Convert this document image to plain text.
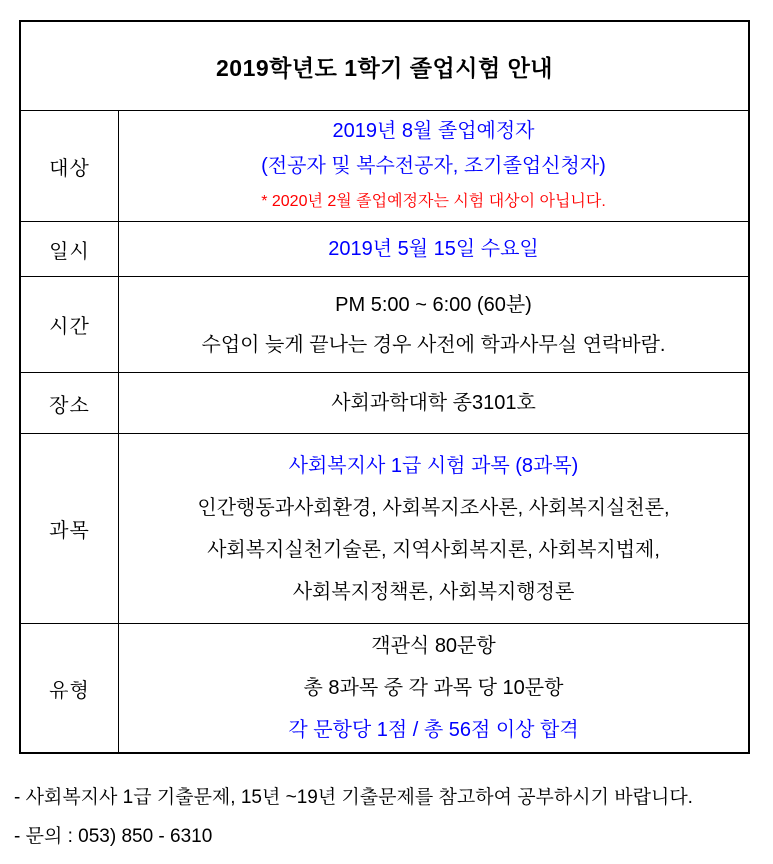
2019학년도 1학기 졸업시험 안내
대상
2019년 8월 졸업예정자
(전공자 및 복수전공자, 조기졸업신청자)
* 2020년 2월 졸업예정자는 시험 대상이 아닙니다.
일시	2019년 5월 15일 수요일
시간
PM 5:00 ~ 6:00 (60분)
수업이 늦게 끝나는 경우 사전에 학과사무실 연락바람.
장소	사회과학대학 종3101호
과목
사회복지사 1급 시험 과목 (8과목)
인간행동과사회환경, 사회복지조사론, 사회복지실천론,
사회복지실천기술론, 지역사회복지론, 사회복지법제,
사회복지정책론, 사회복지행정론
유형
객관식 80문항
총 8과목 중 각 과목 당 10문항
각 문항당 1점 / 총 56점 이상 합격
- 사회복지사 1급 기출문제, 15년 ~19년 기출문제를 참고하여 공부하시기 바랍니다.
- 문의 : 053) 850 - 6310
